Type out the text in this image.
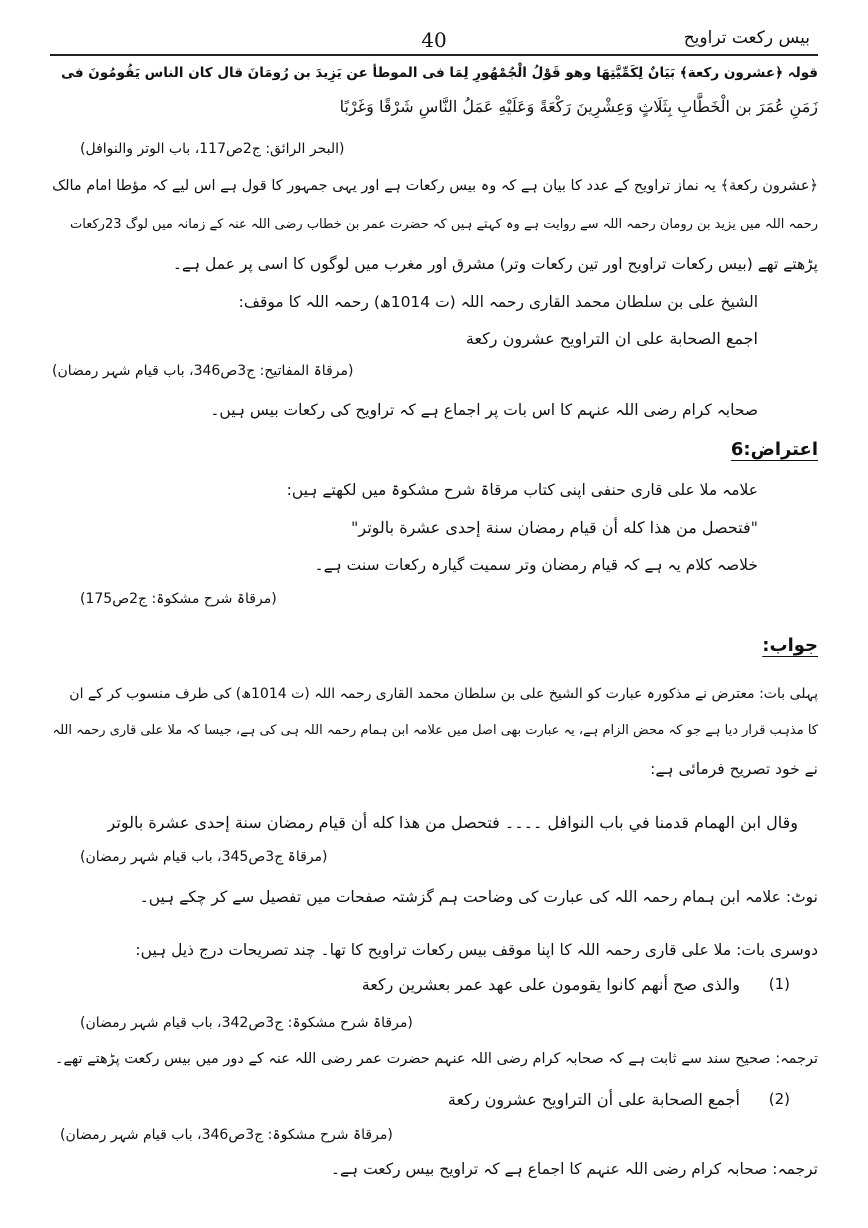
40	بیس رکعت تراویح
قولہ ﴿عشرون رکعة﴾ بَيَانٌ لِكَمِّيَّتِهَا وهو قَوْلُ الْجُمْهُورِ لِمَا فی الموطأ عن يَزِيدَ بن رُومَانَ قال كان الناس يَقُومُونَ فی
زَمَنِ عُمَرَ بن الْخَطَّابِ بِثَلَاثٍ وَعِشْرِينَ رَكْعَةً وَعَلَيْهِ عَمَلُ النَّاسِ شَرْقًا وَغَرْبًا
(البحر الرائق: ج2ص117، باب الوتر والنوافل)
﴿عشرون رکعة﴾ یہ نماز تراویح کے عدد کا بیان ہے کہ وہ بیس رکعات ہے اور یہی جمہور کا قول ہے اس لیے کہ مؤطا امام مالک
رحمہ اللہ میں یزید بن رومان رحمہ اللہ سے روایت ہے وہ کہتے ہیں کہ حضرت عمر بن خطاب رضی اللہ عنہ کے زمانہ میں لوگ 23رکعات
پڑھتے تھے (بیس رکعات تراویح اور تین رکعات وتر) مشرق اور مغرب میں لوگوں کا اسی پر عمل ہے۔
الشیخ علی بن سلطان محمد القاری رحمہ اللہ (ت 1014ھ) رحمہ اللہ کا موقف:
اجمع الصحابة علی ان التراویح عشرون رکعة
(مرقاۃ المفاتیح: ج3ص346، باب قیام شہر رمضان)
صحابہ کرام رضی اللہ عنہم کا اس بات پر اجماع ہے کہ تراویح کی رکعات بیس ہیں۔
اعتراض:6
علامہ ملا علی قاری حنفی اپنی کتاب مرقاۃ شرح مشکوۃ میں لکھتے ہیں:
"فتحصل من هذا كله أن قيام رمضان سنة إحدى عشرة بالوتر"
خلاصہ کلام یہ ہے کہ قیام رمضان وتر سمیت گیارہ رکعات سنت ہے۔
(مرقاۃ شرح مشکوۃ: ج2ص175)
جواب:
پہلی بات: معترض نے مذکورہ عبارت کو الشیخ علی بن سلطان محمد القاری رحمہ اللہ (ت 1014ھ) کی طرف منسوب کر کے ان
کا مذہب قرار دیا ہے جو کہ محض الزام ہے، یہ عبارت بھی اصل میں علامہ ابن ہمام رحمہ اللہ ہی کی ہے، جیسا کہ ملا علی قاری رحمہ اللہ
نے خود تصریح فرمائی ہے:
وقال ابن الهمام قدمنا في باب النوافل ۔۔۔۔ فتحصل من هذا كله أن قيام رمضان سنة إحدى عشرة بالوتر
(مرقاۃ ج3ص345، باب قیام شہر رمضان)
نوٹ: علامہ ابن ہمام رحمہ اللہ کی عبارت کی وضاحت ہم گزشتہ صفحات میں تفصیل سے کر چکے ہیں۔
دوسری بات: ملا علی قاری رحمہ اللہ کا اپنا موقف بیس رکعات تراویح کا تھا۔ چند تصریحات درج ذیل ہیں:
(1)
والذی صح أنهم کانوا یقومون علی عهد عمر بعشرین رکعة
(مرقاۃ شرح مشکوۃ: ج3ص342، باب قیام شہر رمضان)
ترجمہ: صحیح سند سے ثابت ہے کہ صحابہ کرام رضی اللہ عنہم حضرت عمر رضی اللہ عنہ کے دور میں بیس رکعت پڑھتے تھے۔
(2)
أجمع الصحابة علی أن التراویح عشرون رکعة
(مرقاۃ شرح مشکوۃ: ج3ص346، باب قیام شہر رمضان)
ترجمہ: صحابہ کرام رضی اللہ عنہم کا اجماع ہے کہ تراویح بیس رکعت ہے۔
